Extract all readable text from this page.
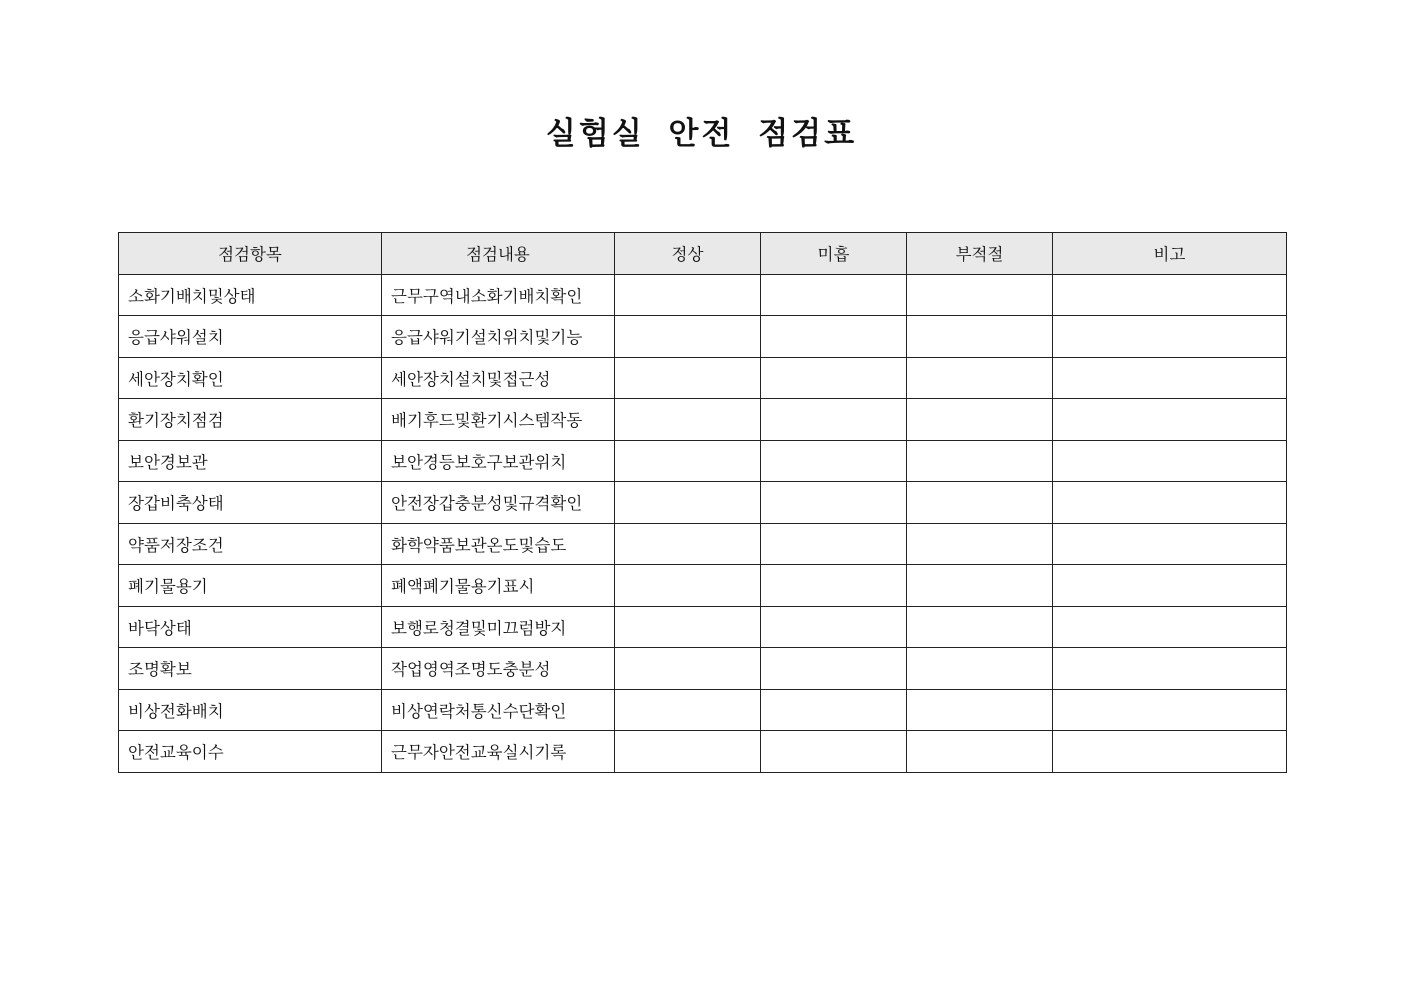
실험실 안전 점검표
점검항목	점검내용	정상	미흡	부적절	비고
소화기배치및상태	근무구역내소화기배치확인				
응급샤워설치	응급샤워기설치위치및기능				
세안장치확인	세안장치설치및접근성				
환기장치점검	배기후드및환기시스템작동				
보안경보관	보안경등보호구보관위치				
장갑비축상태	안전장갑충분성및규격확인				
약품저장조건	화학약품보관온도및습도				
폐기물용기	폐액폐기물용기표시				
바닥상태	보행로청결및미끄럼방지				
조명확보	작업영역조명도충분성				
비상전화배치	비상연락처통신수단확인				
안전교육이수	근무자안전교육실시기록				
